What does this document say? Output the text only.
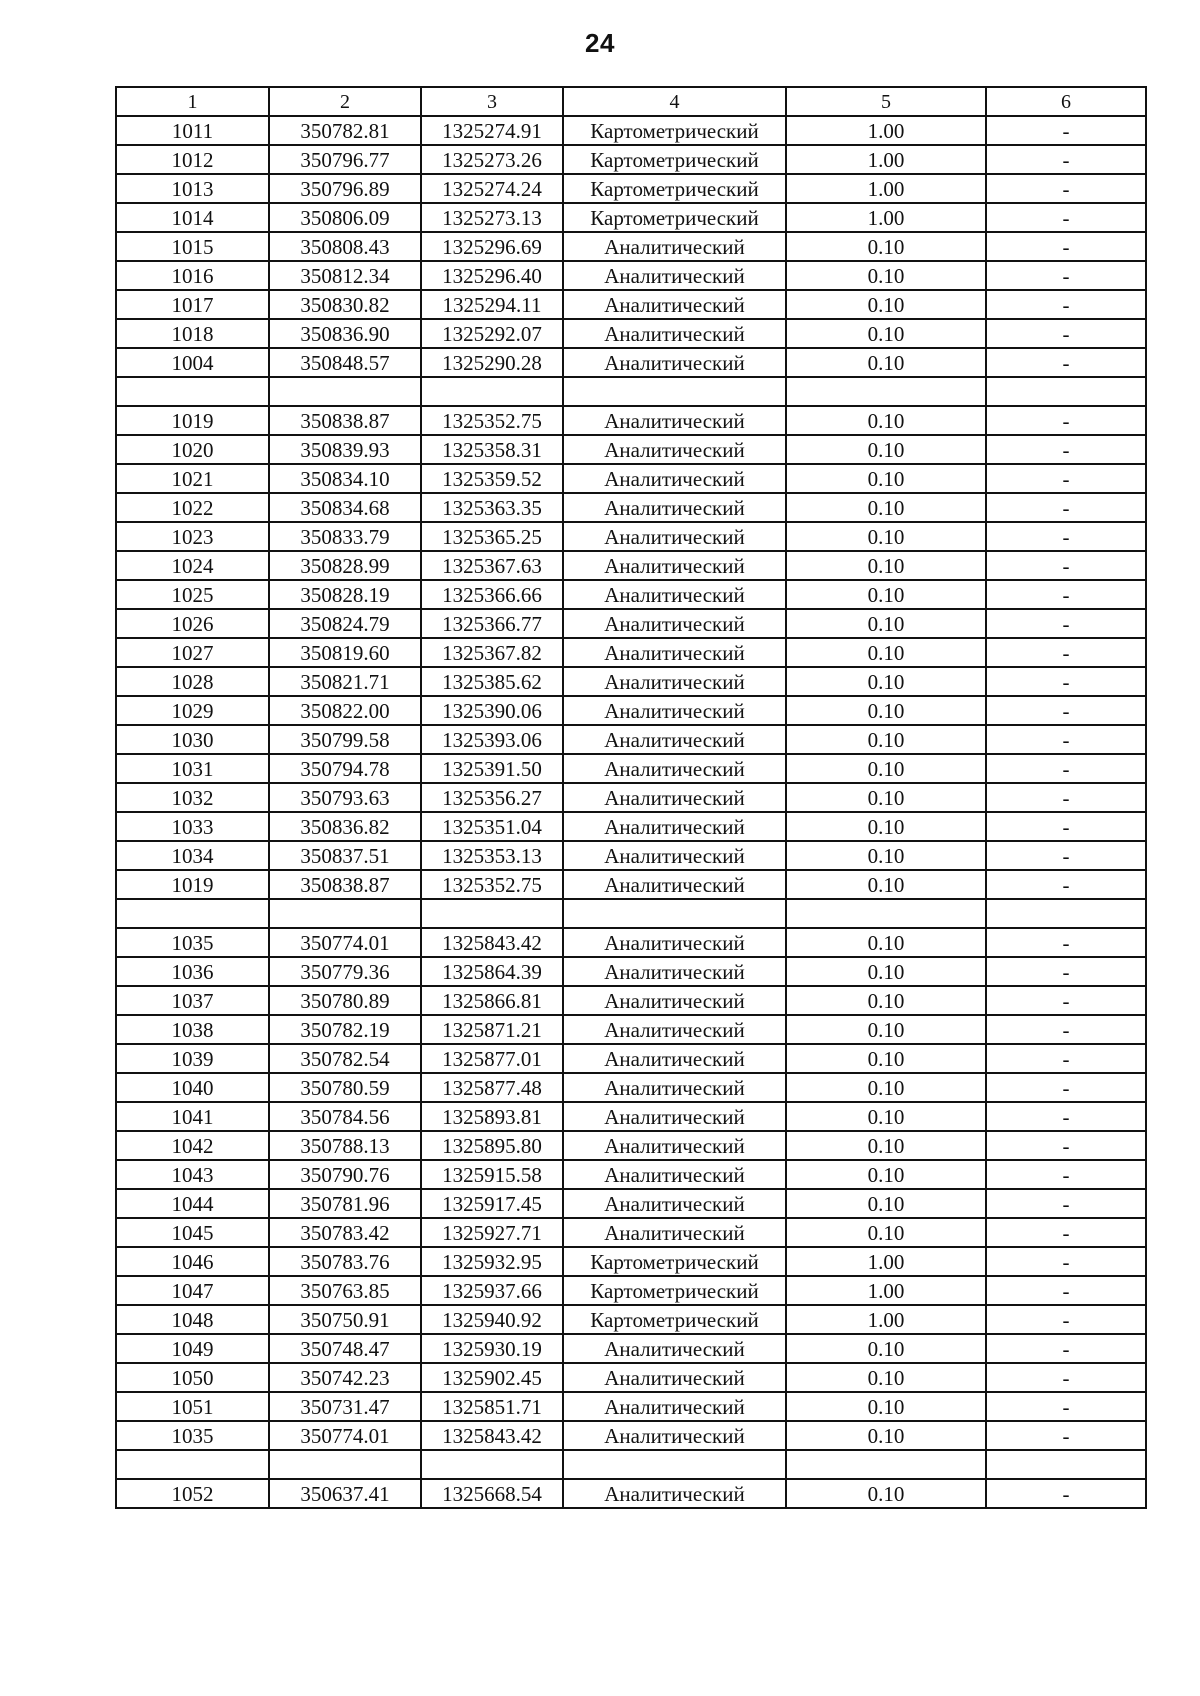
24
1	2	3	4	5	6
1011	350782.81	1325274.91	Картометрический	1.00	-
1012	350796.77	1325273.26	Картометрический	1.00	-
1013	350796.89	1325274.24	Картометрический	1.00	-
1014	350806.09	1325273.13	Картометрический	1.00	-
1015	350808.43	1325296.69	Аналитический	0.10	-
1016	350812.34	1325296.40	Аналитический	0.10	-
1017	350830.82	1325294.11	Аналитический	0.10	-
1018	350836.90	1325292.07	Аналитический	0.10	-
1004	350848.57	1325290.28	Аналитический	0.10	-

1019	350838.87	1325352.75	Аналитический	0.10	-
1020	350839.93	1325358.31	Аналитический	0.10	-
1021	350834.10	1325359.52	Аналитический	0.10	-
1022	350834.68	1325363.35	Аналитический	0.10	-
1023	350833.79	1325365.25	Аналитический	0.10	-
1024	350828.99	1325367.63	Аналитический	0.10	-
1025	350828.19	1325366.66	Аналитический	0.10	-
1026	350824.79	1325366.77	Аналитический	0.10	-
1027	350819.60	1325367.82	Аналитический	0.10	-
1028	350821.71	1325385.62	Аналитический	0.10	-
1029	350822.00	1325390.06	Аналитический	0.10	-
1030	350799.58	1325393.06	Аналитический	0.10	-
1031	350794.78	1325391.50	Аналитический	0.10	-
1032	350793.63	1325356.27	Аналитический	0.10	-
1033	350836.82	1325351.04	Аналитический	0.10	-
1034	350837.51	1325353.13	Аналитический	0.10	-
1019	350838.87	1325352.75	Аналитический	0.10	-

1035	350774.01	1325843.42	Аналитический	0.10	-
1036	350779.36	1325864.39	Аналитический	0.10	-
1037	350780.89	1325866.81	Аналитический	0.10	-
1038	350782.19	1325871.21	Аналитический	0.10	-
1039	350782.54	1325877.01	Аналитический	0.10	-
1040	350780.59	1325877.48	Аналитический	0.10	-
1041	350784.56	1325893.81	Аналитический	0.10	-
1042	350788.13	1325895.80	Аналитический	0.10	-
1043	350790.76	1325915.58	Аналитический	0.10	-
1044	350781.96	1325917.45	Аналитический	0.10	-
1045	350783.42	1325927.71	Аналитический	0.10	-
1046	350783.76	1325932.95	Картометрический	1.00	-
1047	350763.85	1325937.66	Картометрический	1.00	-
1048	350750.91	1325940.92	Картометрический	1.00	-
1049	350748.47	1325930.19	Аналитический	0.10	-
1050	350742.23	1325902.45	Аналитический	0.10	-
1051	350731.47	1325851.71	Аналитический	0.10	-
1035	350774.01	1325843.42	Аналитический	0.10	-

1052	350637.41	1325668.54	Аналитический	0.10	-
